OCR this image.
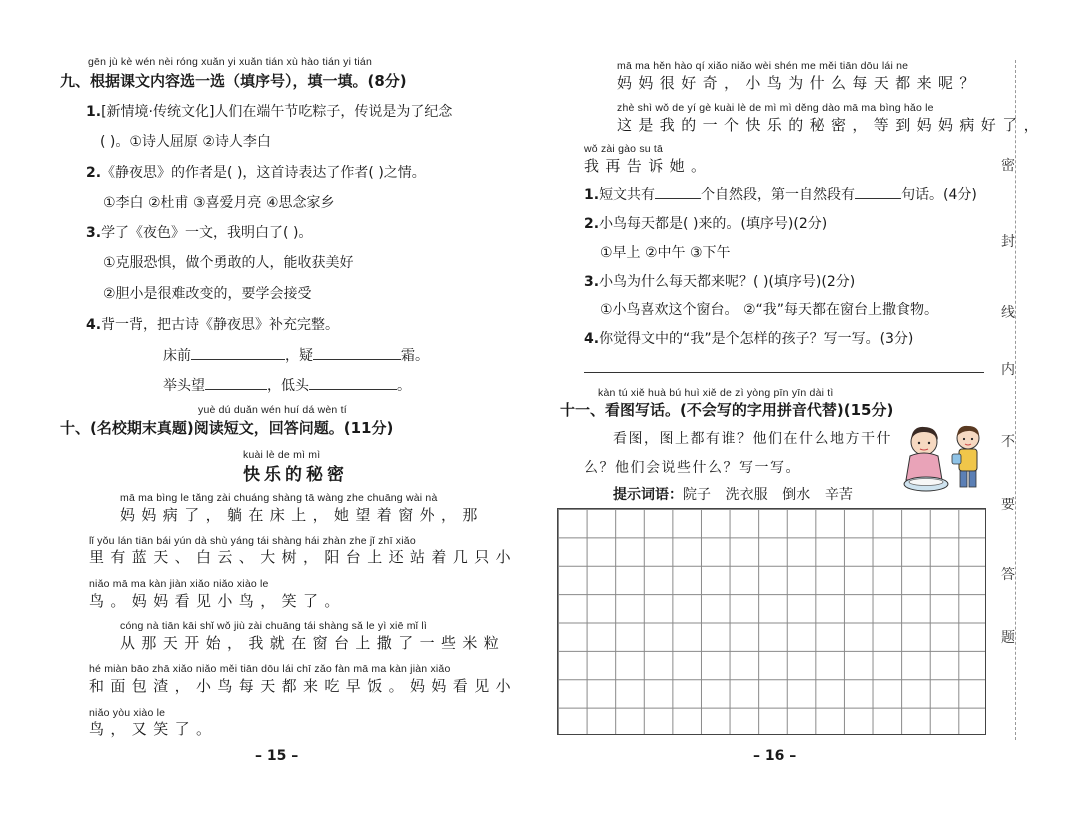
gēn jù kè wén nèi róng xuǎn yi xuǎn tián xù hào tián yi tián
九、根据课文内容选一选（填序号），填一填。(8分)
1.[新情境·传统文化]人们在端午节吃粽子，传说是为了纪念
( )。①诗人屈原 ②诗人李白
2.《静夜思》的作者是( )，这首诗表达了作者( )之情。
①李白 ②杜甫 ③喜爱月亮 ④思念家乡
3.学了《夜色》一文，我明白了( )。
①克服恐惧，做个勇敢的人，能收获美好
②胆小是很难改变的，要学会接受
4.背一背，把古诗《静夜思》补充完整。
床前	，疑	霜。
举头望	，低头	。
yuè dú duǎn wén huí dá wèn tí
十、(名校期末真题)阅读短文，回答问题。(11分)
kuài lè de mì mì
快乐的秘密
mā ma bìng le tǎng zài chuáng shàng tā wàng zhe chuāng wài nà
妈妈病了，躺在床上，她望着窗外，那
lǐ yǒu lán tiān bái yún dà shù yáng tái shàng hái zhàn zhe jǐ zhī xiǎo
里有蓝天、白云、大树，阳台上还站着几只小
niǎo mā ma kàn jiàn xiǎo niǎo xiào le
鸟。妈妈看见小鸟，笑了。
cóng nà tiān kāi shǐ wǒ jiù zài chuāng tái shàng sǎ le yì xiē mǐ lì
从那天开始，我就在窗台上撒了一些米粒
hé miàn bāo zhā xiǎo niǎo měi tiān dōu lái chī zǎo fàn mā ma kàn jiàn xiǎo
和面包渣，小鸟每天都来吃早饭。妈妈看见小
niǎo yòu xiào le
鸟，又笑了。
– 15 –
mā ma hěn hào qí xiǎo niǎo wèi shén me měi tiān dōu lái ne
妈妈很好奇，小鸟为什么每天都来呢？
zhè shì wǒ de yí gè kuài lè de mì mì děng dào mā ma bìng hǎo le
这是我的一个快乐的秘密，等到妈妈病好了，
wǒ zài gào su tā
我再告诉她。
1.短文共有	个自然段，第一自然段有	句话。(4分)
2.小鸟每天都是( )来的。(填序号)(2分)
①早上 ②中午 ③下午
3.小鸟为什么每天都来呢？( )(填序号)(2分)
①小鸟喜欢这个窗台。 ②“我”每天都在窗台上撒食物。
4.你觉得文中的“我”是个怎样的孩子？写一写。(3分)
kàn tú xiě huà bú huì xiě de zì yòng pīn yīn dài tì
十一、看图写话。(不会写的字用拼音代替)(15分)
看图，图上都有谁？他们在什么地方干什
么？他们会说些什么？写一写。
提示词语：院子 洗衣服 倒水 辛苦
– 16 –
密
封
线
内
不
要
答
题
